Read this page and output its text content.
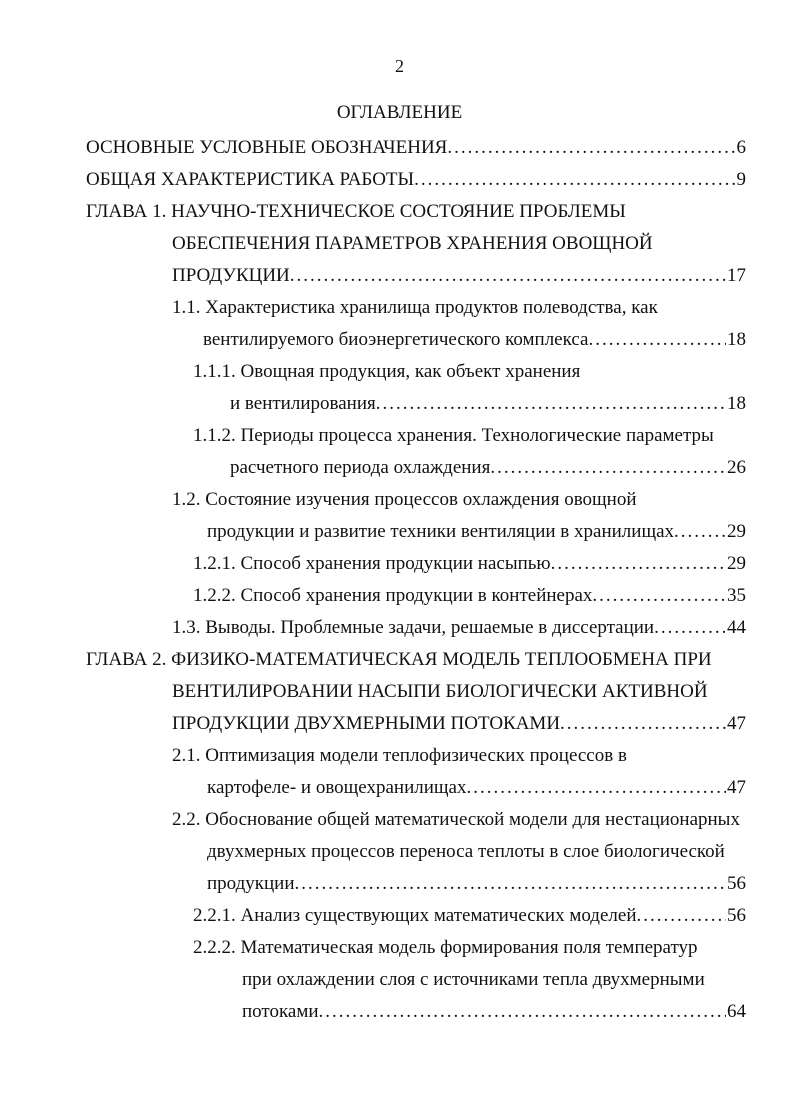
2
ОГЛАВЛЕНИЕ
ОСНОВНЫЕ УСЛОВНЫЕ ОБОЗНАЧЕНИЯ .....	6
ОБЩАЯ ХАРАКТЕРИСТИКА РАБОТЫ .....	9
ГЛАВА 1. НАУЧНО-ТЕХНИЧЕСКОЕ СОСТОЯНИЕ ПРОБЛЕМЫ
ОБЕСПЕЧЕНИЯ ПАРАМЕТРОВ ХРАНЕНИЯ ОВОЩНОЙ
ПРОДУКЦИИ .....	17
1.1. Характеристика хранилища продуктов полеводства, как
вентилируемого биоэнергетического комплекса .....	18
1.1.1. Овощная продукция, как объект хранения
и вентилирования .....	18
1.1.2. Периоды процесса хранения. Технологические параметры
расчетного периода охлаждения .....	26
1.2. Состояние изучения процессов охлаждения овощной
продукции и развитие техники вентиляции в хранилищах .....	29
1.2.1. Способ хранения продукции насыпью .....	29
1.2.2. Способ хранения продукции в контейнерах .....	35
1.3. Выводы. Проблемные задачи, решаемые в диссертации .....	44
ГЛАВА 2. ФИЗИКО-МАТЕМАТИЧЕСКАЯ МОДЕЛЬ ТЕПЛООБМЕНА ПРИ
ВЕНТИЛИРОВАНИИ НАСЫПИ БИОЛОГИЧЕСКИ АКТИВНОЙ
ПРОДУКЦИИ ДВУХМЕРНЫМИ ПОТОКАМИ .....	47
2.1. Оптимизация модели теплофизических процессов в
картофеле- и овощехранилищах .....	47
2.2. Обоснование общей математической модели для нестационарных
двухмерных процессов переноса теплоты в слое биологической
продукции .....	56
2.2.1. Анализ существующих математических моделей .....	56
2.2.2. Математическая модель формирования поля температур
при охлаждении слоя с источниками тепла двухмерными
потоками .....	64
